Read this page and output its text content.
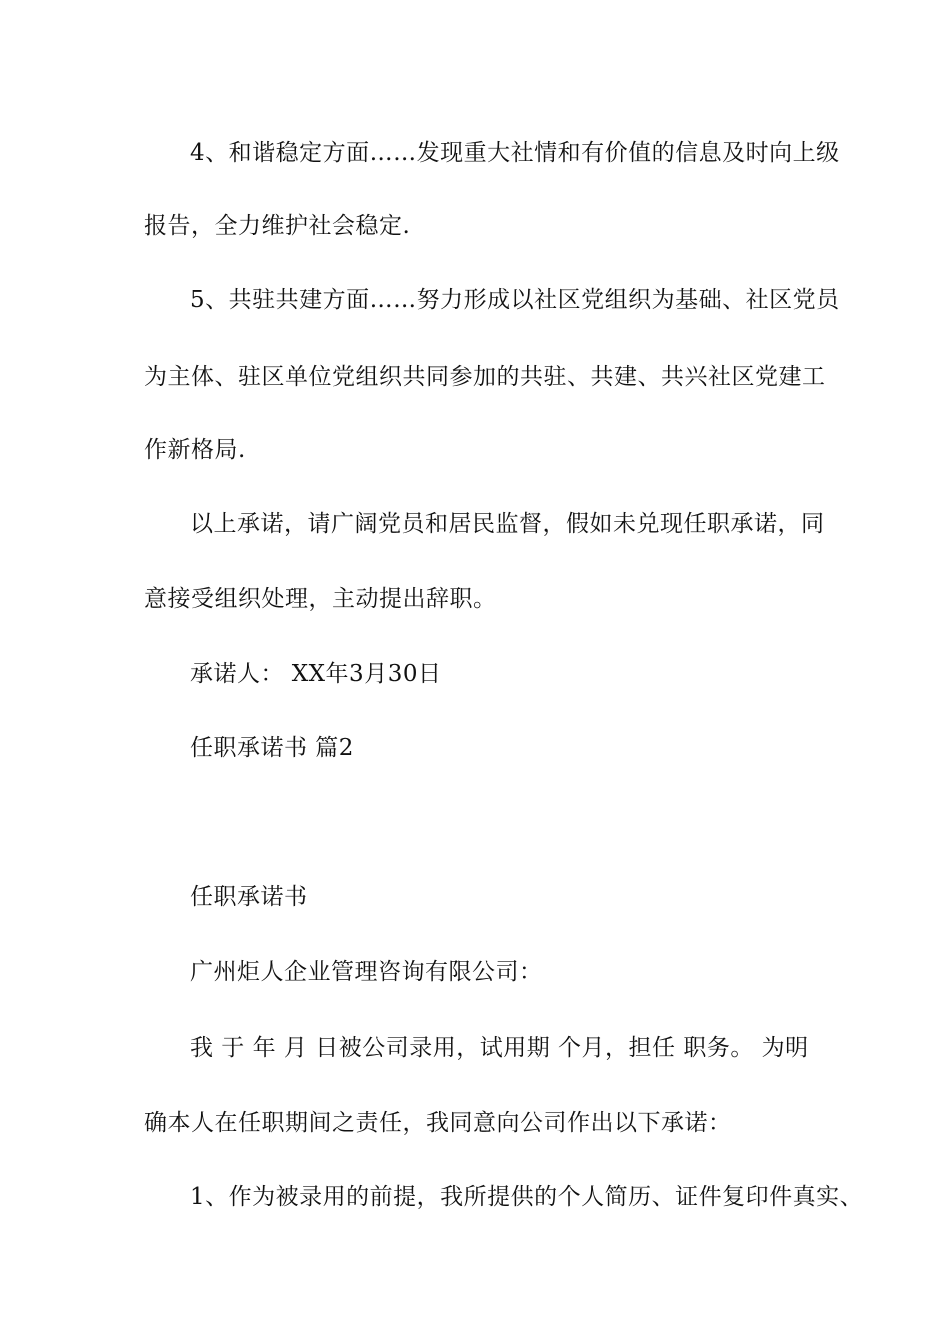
4、和谐稳定方面……发现重大社情和有价值的信息及时向上级
报告，全力维护社会稳定.
5、共驻共建方面……努力形成以社区党组织为基础、社区党员
为主体、驻区单位党组织共同参加的共驻、共建、共兴社区党建工
作新格局.
以上承诺，请广阔党员和居民监督，假如未兑现任职承诺，同
意接受组织处理，主动提出辞职。
承诺人： XX年3月30日
任职承诺书 篇2
任职承诺书
广州炬人企业管理咨询有限公司：
我 于 年 月 日被公司录用，试用期 个月，担任 职务。 为明
确本人在任职期间之责任，我同意向公司作出以下承诺：
1、作为被录用的前提，我所提供的个人简历、证件复印件真实、
